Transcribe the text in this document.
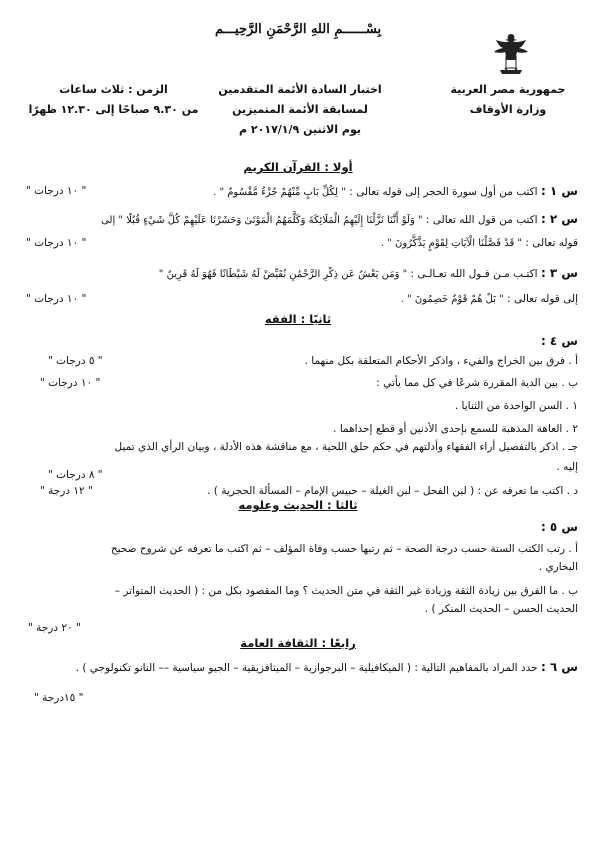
بِسْــــــمِ اللهِ الرَّحْمَنِ الرَّحِيـــم
جمهورية مصر العربية
وزارة الأوقاف
اختبار السادة الأئمة المتقدمين
لمسابقة الأئمة المتميزين
يوم الاثنين ٢٠١٧/١/٩ م
الزمن : ثلاث ساعات
من ٩.٣٠ صباحًا إلى ١٢.٣٠ ظهرًا
أولا : القرآن الكريم
س ١ : اكتب من أول سورة الحجر إلى قوله تعالى : " لِكُلِّ بَابٍ مِّنْهُمْ جُزْءٌ مَّقْسُومٌ " .
" ١٠ درجات "
س ٢ : اكتب من قول الله تعالى : " وَلَوْ أَنَّنَا نَزَّلْنَا إِلَيْهِمُ الْمَلَائِكَةَ وَكَلَّمَهُمُ الْمَوْتَىٰ وَحَشَرْنَا عَلَيْهِمْ كُلَّ شَيْءٍ قُبُلًا " إلى
قوله تعالى : " قَدْ فَصَّلْنَا الْآيَاتِ لِقَوْمٍ يَذَّكَّرُونَ " .
" ١٠ درجات "
س ٣ : اكتـب مـن قـول الله تعـالـى : " وَمَن يَعْشُ عَن ذِكْرِ الرَّحْمَٰنِ نُقَيِّضْ لَهُ شَيْطَانًا فَهُوَ لَهُ قَرِينٌ "
إلى قوله تعالى : " بَلْ هُمْ قَوْمٌ خَصِمُونَ " .
" ١٠ درجات "
ثانيًا : الفقه
س ٤ :
أ . فرق بين الخراج والفيء ، واذكر الأحكام المتعلقة بكل منهما .
" ٥ درجات "
ب . بين الدية المقررة شرعًا في كل مما يأتي :
" ١٠ درجات "
١ . السن الواحدة من الثنايا .
٢ . العاهة المذهبة للسمع بإحدى الأذنين أو قطع إحداهما .
جـ . اذكر بالتفصيل أراء الفقهاء وأدلتهم في حكم حلق اللحية ، مع مناقشة هذه الأدلة ، وبيان الرأي الذي تميل
إليه .
" ٨ درجات "
د . اكتب ما تعرفه عن : ( لبن الفحل – لبن الغيلة – حبيس الإمام – المسألة الحجرية ) .
" ١٢ درجة "
ثالثا : الحديث وعلومه
س ٥ :
أ . رتب الكتب الستة حسب درجة الصحة – ثم رتبها حسب وفاة المؤلف – ثم اكتب ما تعرفه عن شروح صحيح
البخاري .
ب . ما الفرق بين زيادة الثقة وزيادة غير الثقة في متن الحديث ؟ وما المقصود بكل من : ( الحديث المتواتر –
الحديث الحسن – الحديث المنكر ) .
" ٢٠ درجة "
رابعًا : الثقافة العامة
س ٦ : حدد المراد بالمفاهيم التالية : ( الميكافيلية – البرجوازية – الميتافزيقية – الجيو سياسية –– النانو تكنولوجي ) .
" ١٥درجة "
